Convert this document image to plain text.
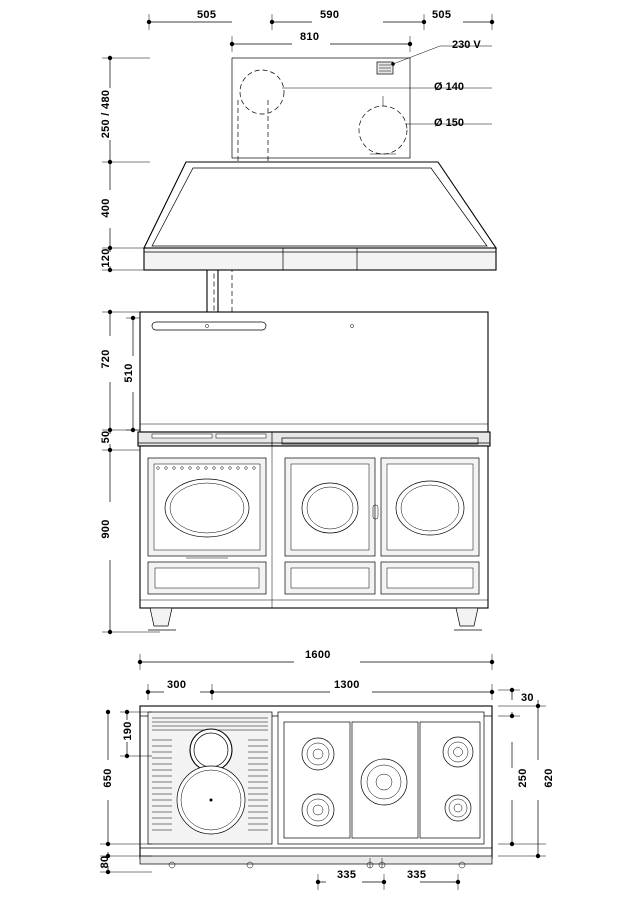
505	590	505
810
230 V
Ø 140
Ø 150
250 / 480
400
120
720
510
50
900
1600
300	1300
30
250 620
190
650
80
335	335
